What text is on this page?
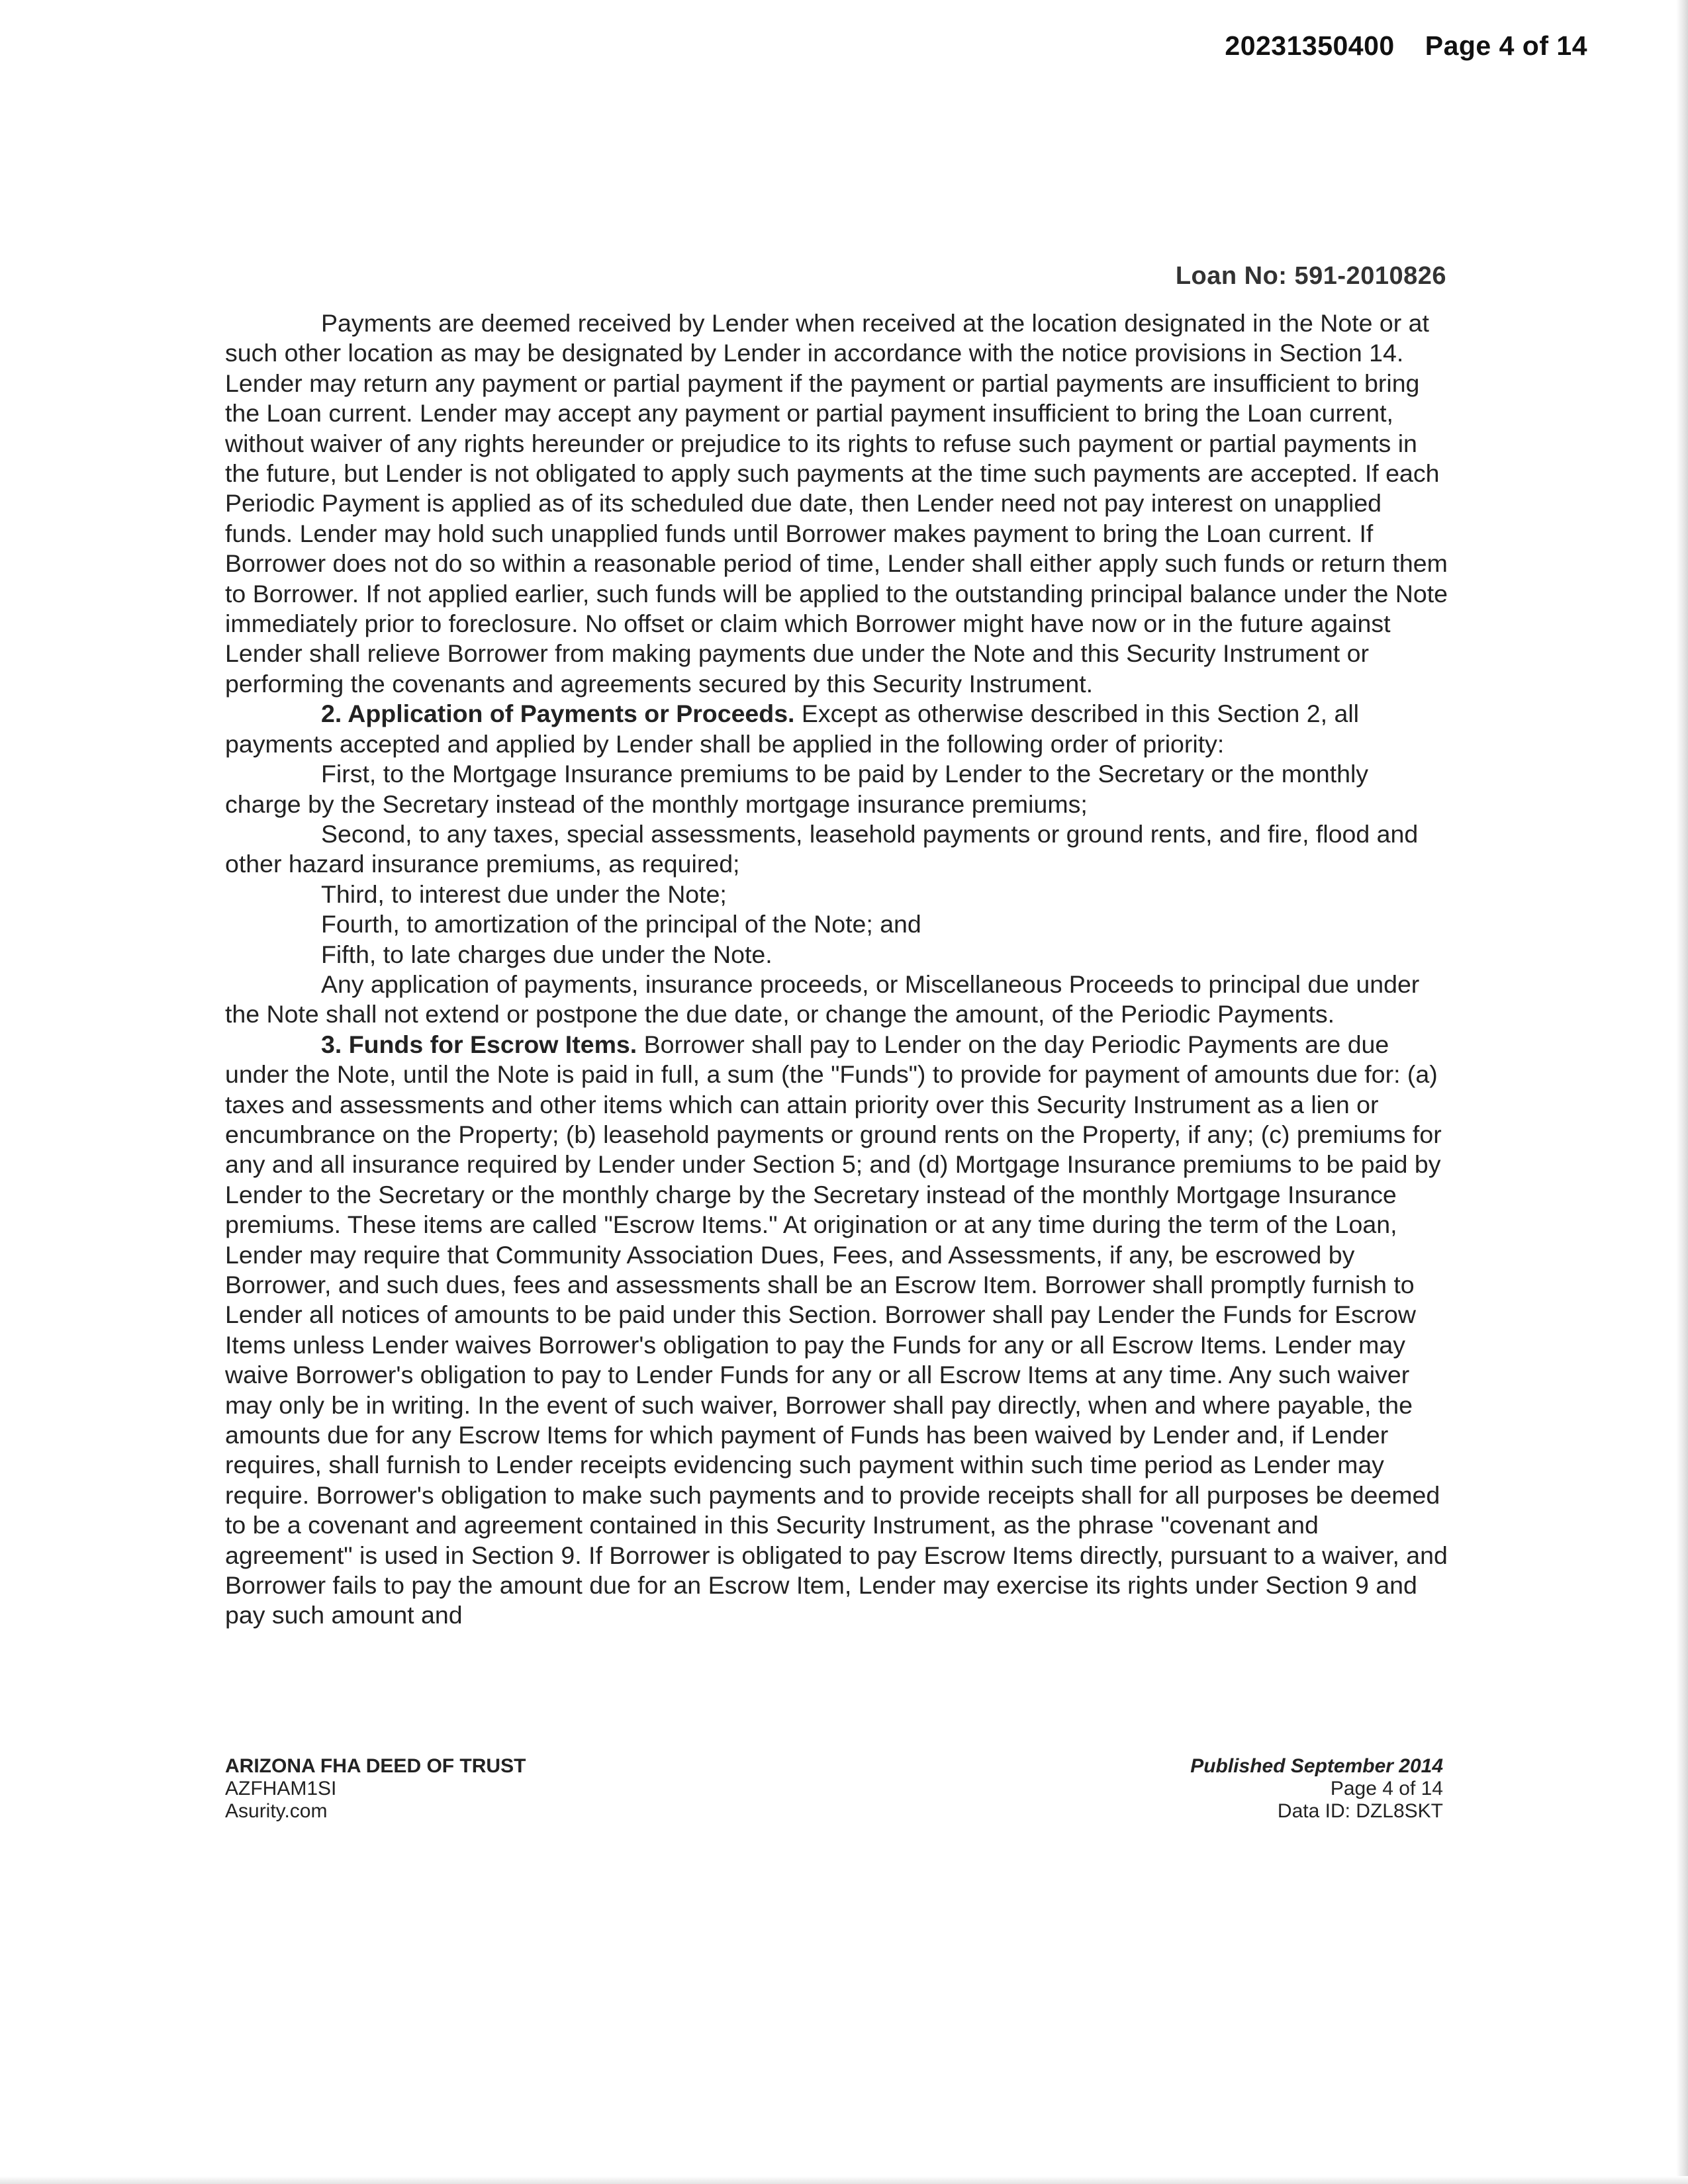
20231350400 Page 4 of 14
Loan No: 591-2010826

Payments are deemed received by Lender when received at the location designated in the Note or at such other location as may be designated by Lender in accordance with the notice provisions in Section 14. Lender may return any payment or partial payment if the payment or partial payments are insufficient to bring the Loan current. Lender may accept any payment or partial payment insufficient to bring the Loan current, without waiver of any rights hereunder or prejudice to its rights to refuse such payment or partial payments in the future, but Lender is not obligated to apply such payments at the time such payments are accepted. If each Periodic Payment is applied as of its scheduled due date, then Lender need not pay interest on unapplied funds. Lender may hold such unapplied funds until Borrower makes payment to bring the Loan current. If Borrower does not do so within a reasonable period of time, Lender shall either apply such funds or return them to Borrower. If not applied earlier, such funds will be applied to the outstanding principal balance under the Note immediately prior to foreclosure. No offset or claim which Borrower might have now or in the future against Lender shall relieve Borrower from making payments due under the Note and this Security Instrument or performing the covenants and agreements secured by this Security Instrument.

2. Application of Payments or Proceeds. Except as otherwise described in this Section 2, all payments accepted and applied by Lender shall be applied in the following order of priority:

First, to the Mortgage Insurance premiums to be paid by Lender to the Secretary or the monthly charge by the Secretary instead of the monthly mortgage insurance premiums;

Second, to any taxes, special assessments, leasehold payments or ground rents, and fire, flood and other hazard insurance premiums, as required;

Third, to interest due under the Note;

Fourth, to amortization of the principal of the Note; and

Fifth, to late charges due under the Note.

Any application of payments, insurance proceeds, or Miscellaneous Proceeds to principal due under the Note shall not extend or postpone the due date, or change the amount, of the Periodic Payments.

3. Funds for Escrow Items. Borrower shall pay to Lender on the day Periodic Payments are due under the Note, until the Note is paid in full, a sum (the "Funds") to provide for payment of amounts due for: (a) taxes and assessments and other items which can attain priority over this Security Instrument as a lien or encumbrance on the Property; (b) leasehold payments or ground rents on the Property, if any; (c) premiums for any and all insurance required by Lender under Section 5; and (d) Mortgage Insurance premiums to be paid by Lender to the Secretary or the monthly charge by the Secretary instead of the monthly Mortgage Insurance premiums. These items are called "Escrow Items." At origination or at any time during the term of the Loan, Lender may require that Community Association Dues, Fees, and Assessments, if any, be escrowed by Borrower, and such dues, fees and assessments shall be an Escrow Item. Borrower shall promptly furnish to Lender all notices of amounts to be paid under this Section. Borrower shall pay Lender the Funds for Escrow Items unless Lender waives Borrower's obligation to pay the Funds for any or all Escrow Items. Lender may waive Borrower's obligation to pay to Lender Funds for any or all Escrow Items at any time. Any such waiver may only be in writing. In the event of such waiver, Borrower shall pay directly, when and where payable, the amounts due for any Escrow Items for which payment of Funds has been waived by Lender and, if Lender requires, shall furnish to Lender receipts evidencing such payment within such time period as Lender may require. Borrower's obligation to make such payments and to provide receipts shall for all purposes be deemed to be a covenant and agreement contained in this Security Instrument, as the phrase "covenant and agreement" is used in Section 9. If Borrower is obligated to pay Escrow Items directly, pursuant to a waiver, and Borrower fails to pay the amount due for an Escrow Item, Lender may exercise its rights under Section 9 and pay such amount and

ARIZONA FHA DEED OF TRUST
AZFHAM1SI
Asurity.com
Published September 2014
Page 4 of 14
Data ID: DZL8SKT
